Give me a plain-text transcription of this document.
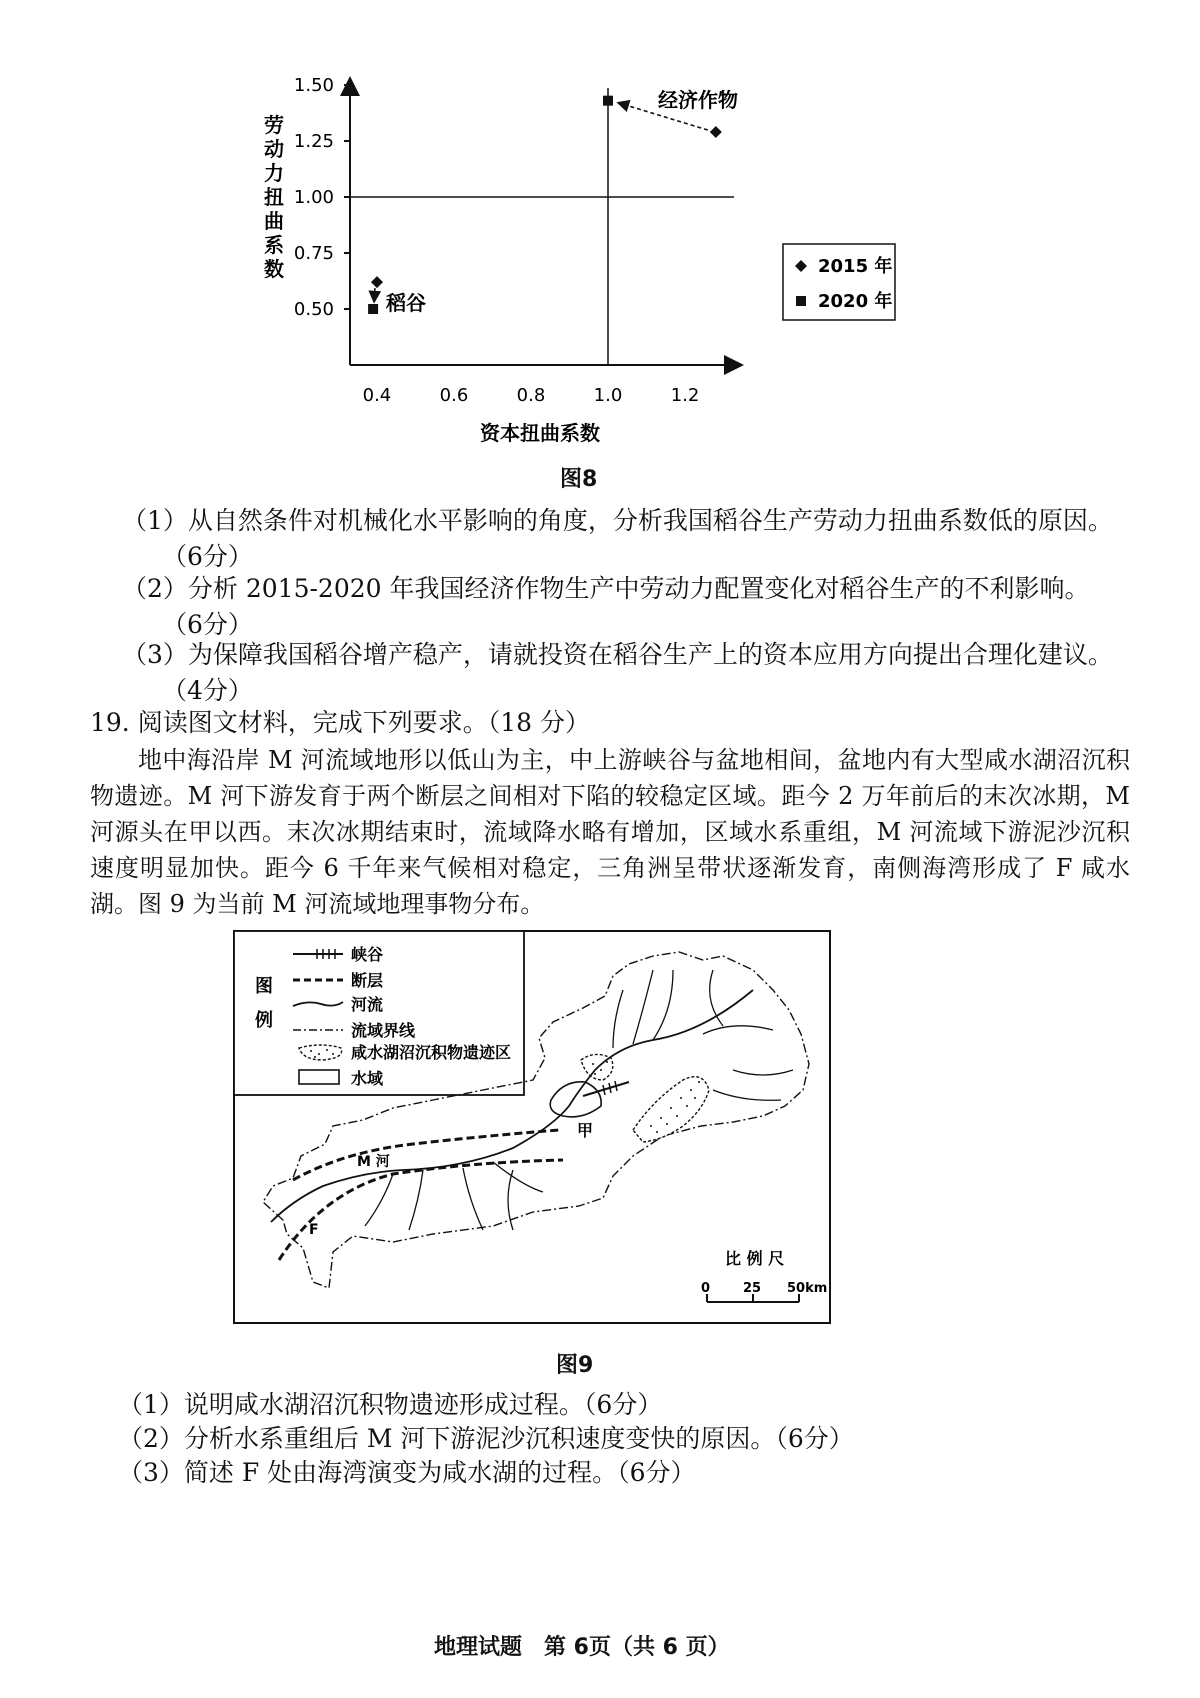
1.50
1.25
1.00
0.75
0.50
0.4	0.6	0.8	1.0	1.2
劳
动
力
扭
曲
系
数
资本扭曲系数
经济作物
稻谷
2015 年
2020 年
图8
（1）从自然条件对机械化水平影响的角度，分析我国稻谷生产劳动力扭曲系数低的原因。
（6分）
（2）分析 2015-2020 年我国经济作物生产中劳动力配置变化对稻谷生产的不利影响。
（6分）
（3）为保障我国稻谷增产稳产，请就投资在稻谷生产上的资本应用方向提出合理化建议。
（4分）
19. 阅读图文材料，完成下列要求。（18 分）
地中海沿岸 M 河流域地形以低山为主，中上游峡谷与盆地相间，盆地内有大型咸水湖沼沉积物遗迹。M 河下游发育于两个断层之间相对下陷的较稳定区域。距今 2 万年前后的末次冰期，M 河源头在甲以西。末次冰期结束时，流域降水略有增加，区域水系重组，M 河流域下游泥沙沉积速度明显加快。距今 6 千年来气候相对稳定，三角洲呈带状逐渐发育，南侧海湾形成了 F 咸水湖。图 9 为当前 M 河流域地理事物分布。
图
例
峡谷
断层
河流
流域界线
咸水湖沼沉积物遗迹区
水域
甲
M 河
F
比 例 尺
0	25 50km
图9
（1）说明咸水湖沼沉积物遗迹形成过程。（6分）
（2）分析水系重组后 M 河下游泥沙沉积速度变快的原因。（6分）
（3）简述 F 处由海湾演变为咸水湖的过程。（6分）
地理试题　第 6页（共 6 页）
